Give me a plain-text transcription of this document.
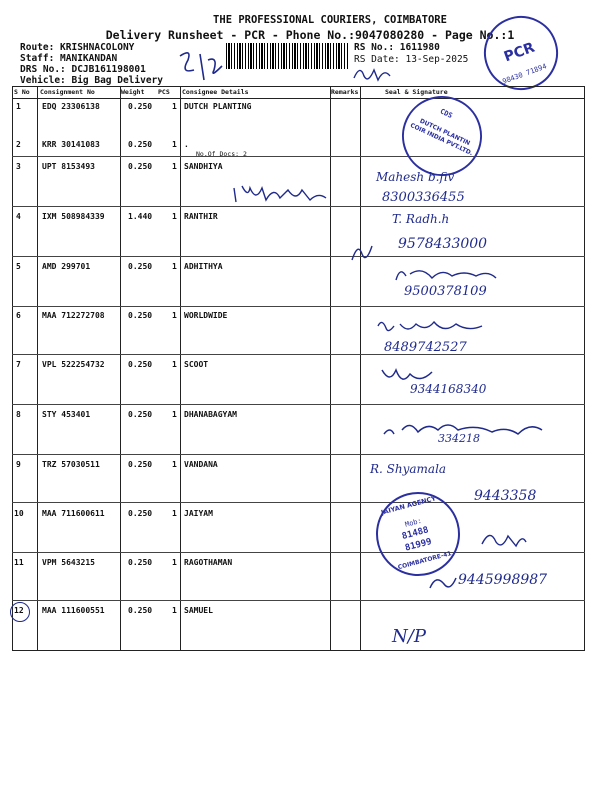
THE PROFESSIONAL COURIERS, COIMBATORE
Delivery Runsheet - PCR - Phone No.:9047080280 - Page No.:1
Route: KRISHNACOLONY
Staff: MANIKANDAN
DRS No.: DCJB161198001
Vehicle: Big Bag Delivery
RS No.: 1611980
RS Date: 13-Sep-2025 PCR
98430 71894
S No Consignment No	Weight PCS Consignee Details	Remarks	Seal & Signature
1	EDQ 23306138	0.250 1 DUTCH PLANTING
2	KRR 30141083	0.250 1 .
No.Of Docs: 2
3	UPT 8153493	0.250 1 SANDHIYA
4	IXM 508984339	1.440 1 RANTHIR
5	AMD 299701	0.250 1 ADHITHYA
6	MAA 712272708	0.250 1 WORLDWIDE
7	VPL 522254732	0.250 1 SCOOT
8	STY 453401	0.250 1 DHANABAGYAM
9	TRZ 57030511	0.250 1 VANDANA
10 MAA 711600611	0.250 1 JAIYAM
11 VPM 5643215	0.250 1 RAGOTHAMAN
12 MAA 111600551	0.250 1 SAMUEL
DUTCH PLANTIN COIR INDIA PVT.LTD.
CDS
Mahesh b.fiv
8300336455
T. Radh.h
9578433000
9500378109
8489742527
9344168340
334218
R. Shyamala
9443358
9445998987
N/P
JAIYAN AGENCY
Mob:
81488
81999
COIMBATORE-41
